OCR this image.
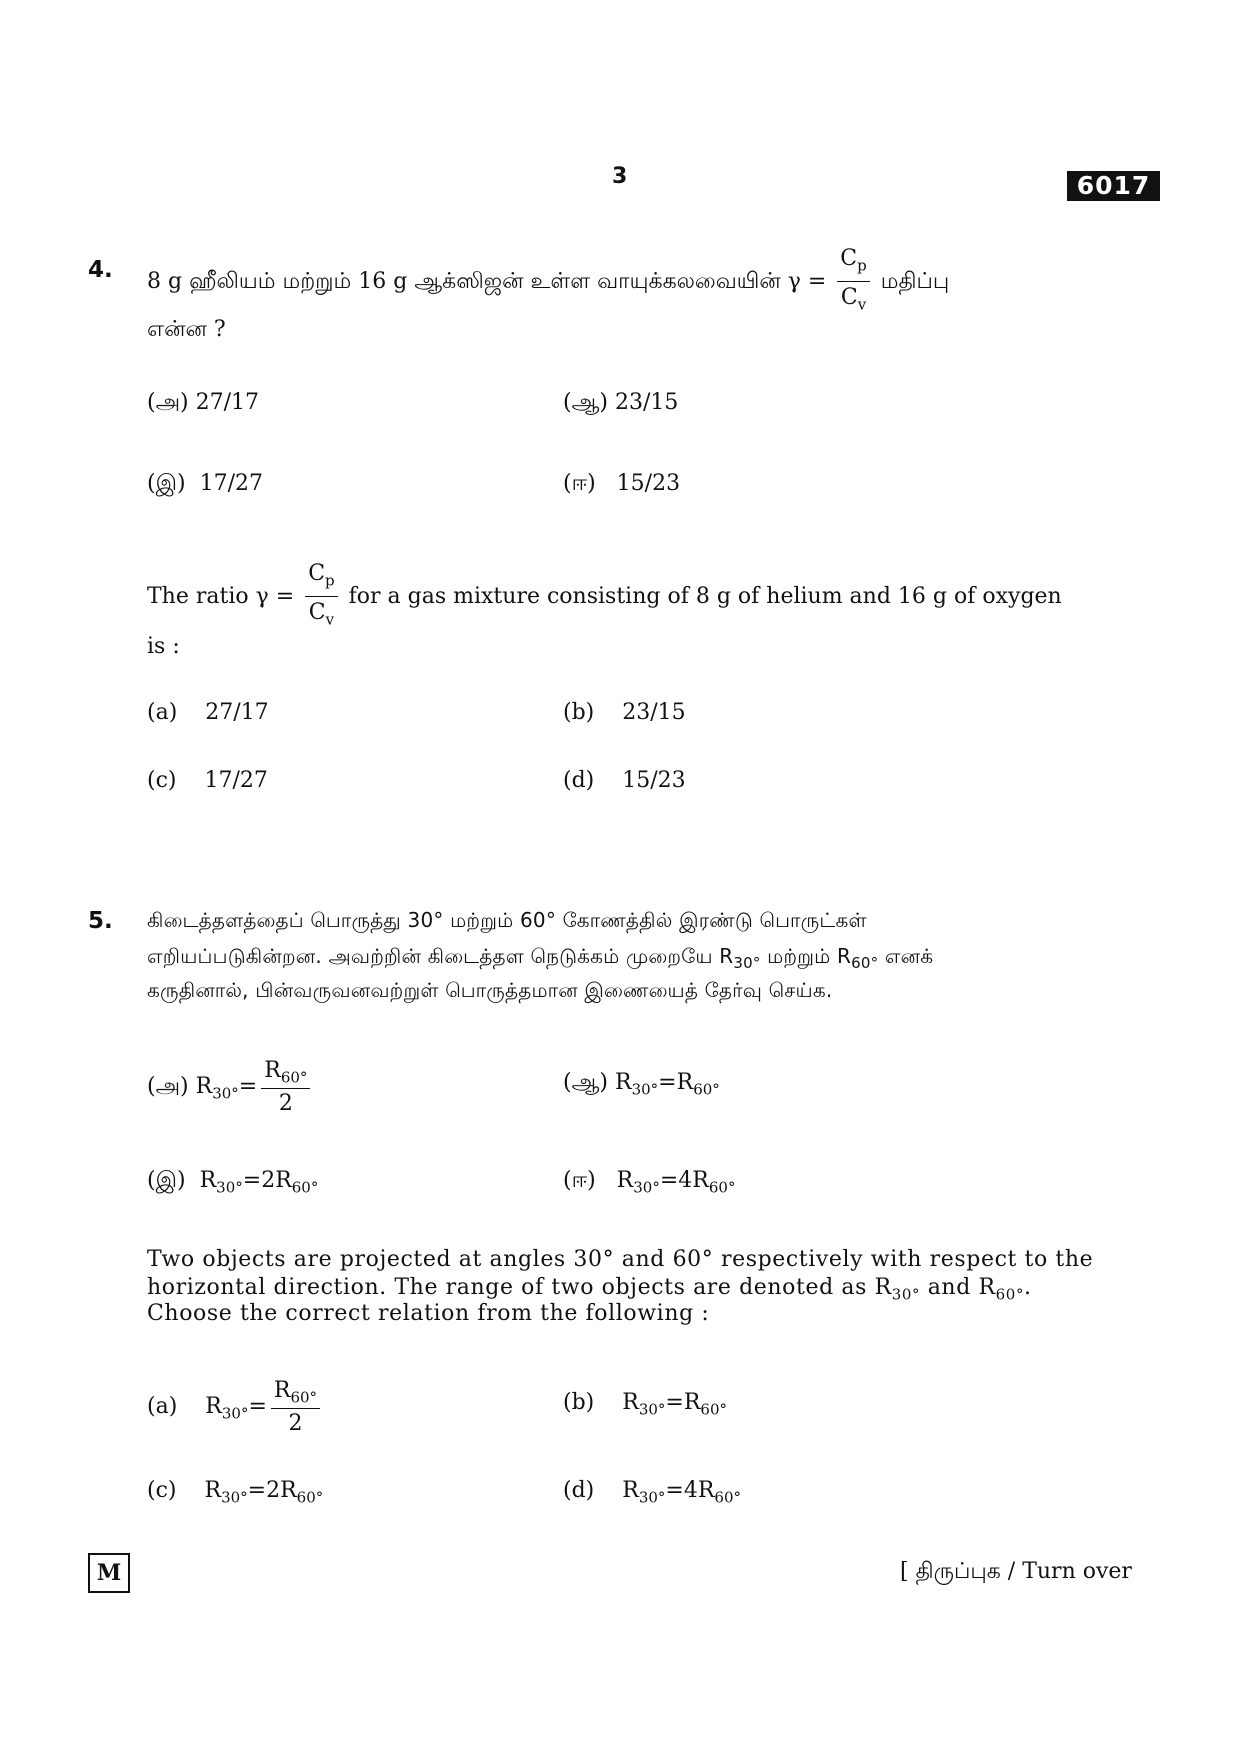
3	6017
4. 8 g ஹீலியம் மற்றும் 16 g ஆக்ஸிஜன் உள்ள வாயுக்கலவையின் $\gamma = \frac{C_p}{C_v}$ மதிப்பு
என்ன ?
(அ) 27/17	(ஆ) 23/15
(இ) 17/27	(ஈ) 15/23
The ratio $\gamma = \frac{C_p}{C_v}$ for a gas mixture consisting of 8 g of helium and 16 g of oxygen
is :
(a) 27/17	(b) 23/15
(c) 17/27	(d) 15/23
5. கிடைத்தளத்தைப் பொருத்து 30° மற்றும் 60° கோணத்தில் இரண்டு பொருட்கள்
எறியப்படுகின்றன. அவற்றின் கிடைத்தள நெடுக்கம் முறையே $R_{30^\circ}$ மற்றும் $R_{60^\circ}$ எனக்
கருதினால், பின்வருவனவற்றுள் பொருத்தமான இணையைத் தேர்வு செய்க.
(அ) $R_{30^\circ}= \frac{R_{60^\circ}}{2}$	(ஆ) $R_{30^\circ}=R_{60^\circ}$
(இ) $R_{30^\circ}=2R_{60^\circ}$	(ஈ) $R_{30^\circ}=4R_{60^\circ}$
Two objects are projected at angles 30° and 60° respectively with respect to the
horizontal direction. The range of two objects are denoted as $R_{30^\circ}$ and $R_{60^\circ}$.
Choose the correct relation from the following :
(a) $R_{30^\circ}= \frac{R_{60^\circ}}{2}$	(b) $R_{30^\circ}=R_{60^\circ}$
(c) $R_{30^\circ}=2R_{60^\circ}$	(d) $R_{30^\circ}=4R_{60^\circ}$
M	[ திருப்புக / Turn over
